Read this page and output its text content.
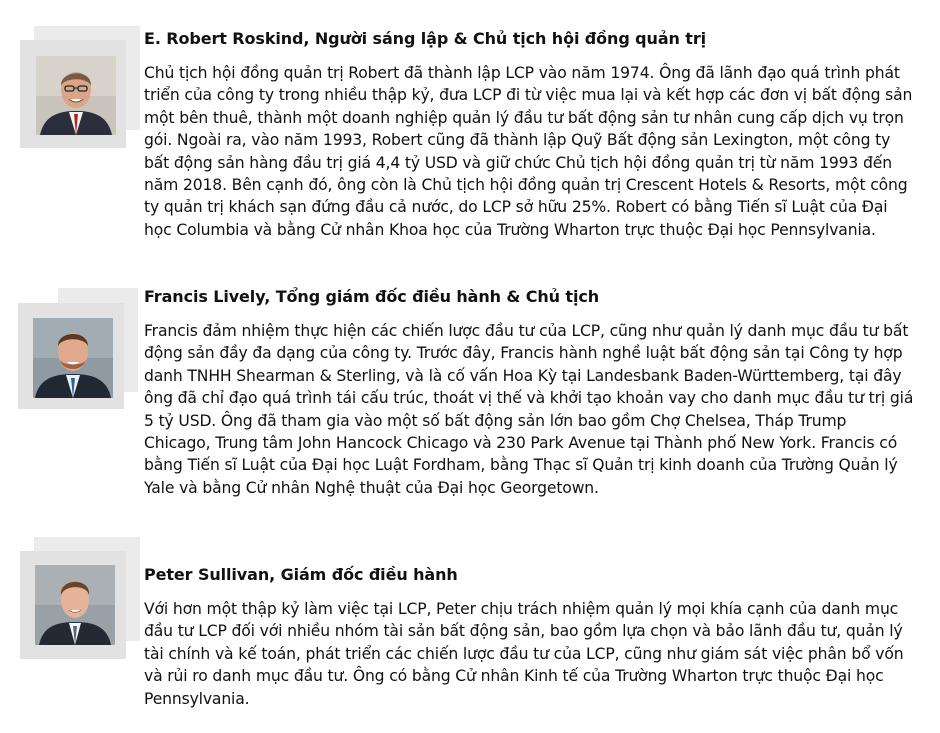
E. Robert Roskind, Người sáng lập & Chủ tịch hội đồng quản trị

Chủ tịch hội đồng quản trị Robert đã thành lập LCP vào năm 1974. Ông đã lãnh đạo quá trình phát triển của công ty trong nhiều thập kỷ, đưa LCP đi từ việc mua lại và kết hợp các đơn vị bất động sản một bên thuê, thành một doanh nghiệp quản lý đầu tư bất động sản tư nhân cung cấp dịch vụ trọn gói. Ngoài ra, vào năm 1993, Robert cũng đã thành lập Quỹ Bất động sản Lexington, một công ty bất động sản hàng đầu trị giá 4,4 tỷ USD và giữ chức Chủ tịch hội đồng quản trị từ năm 1993 đến năm 2018. Bên cạnh đó, ông còn là Chủ tịch hội đồng quản trị Crescent Hotels & Resorts, một công ty quản trị khách sạn đứng đầu cả nước, do LCP sở hữu 25%. Robert có bằng Tiến sĩ Luật của Đại học Columbia và bằng Cử nhân Khoa học của Trường Wharton trực thuộc Đại học Pennsylvania.

Francis Lively, Tổng giám đốc điều hành & Chủ tịch

Francis đảm nhiệm thực hiện các chiến lược đầu tư của LCP, cũng như quản lý danh mục đầu tư bất động sản đầy đa dạng của công ty. Trước đây, Francis hành nghề luật bất động sản tại Công ty hợp danh TNHH Shearman & Sterling, và là cố vấn Hoa Kỳ tại Landesbank Baden-Württemberg, tại đây ông đã chỉ đạo quá trình tái cấu trúc, thoát vị thế và khởi tạo khoản vay cho danh mục đầu tư trị giá 5 tỷ USD. Ông đã tham gia vào một số bất động sản lớn bao gồm Chợ Chelsea, Tháp Trump Chicago, Trung tâm John Hancock Chicago và 230 Park Avenue tại Thành phố New York. Francis có bằng Tiến sĩ Luật của Đại học Luật Fordham, bằng Thạc sĩ Quản trị kinh doanh của Trường Quản lý Yale và bằng Cử nhân Nghệ thuật của Đại học Georgetown.

Peter Sullivan, Giám đốc điều hành

Với hơn một thập kỷ làm việc tại LCP, Peter chịu trách nhiệm quản lý mọi khía cạnh của danh mục đầu tư LCP đối với nhiều nhóm tài sản bất động sản, bao gồm lựa chọn và bảo lãnh đầu tư, quản lý tài chính và kế toán, phát triển các chiến lược đầu tư của LCP, cũng như giám sát việc phân bổ vốn và rủi ro danh mục đầu tư. Ông có bằng Cử nhân Kinh tế của Trường Wharton trực thuộc Đại học Pennsylvania.
